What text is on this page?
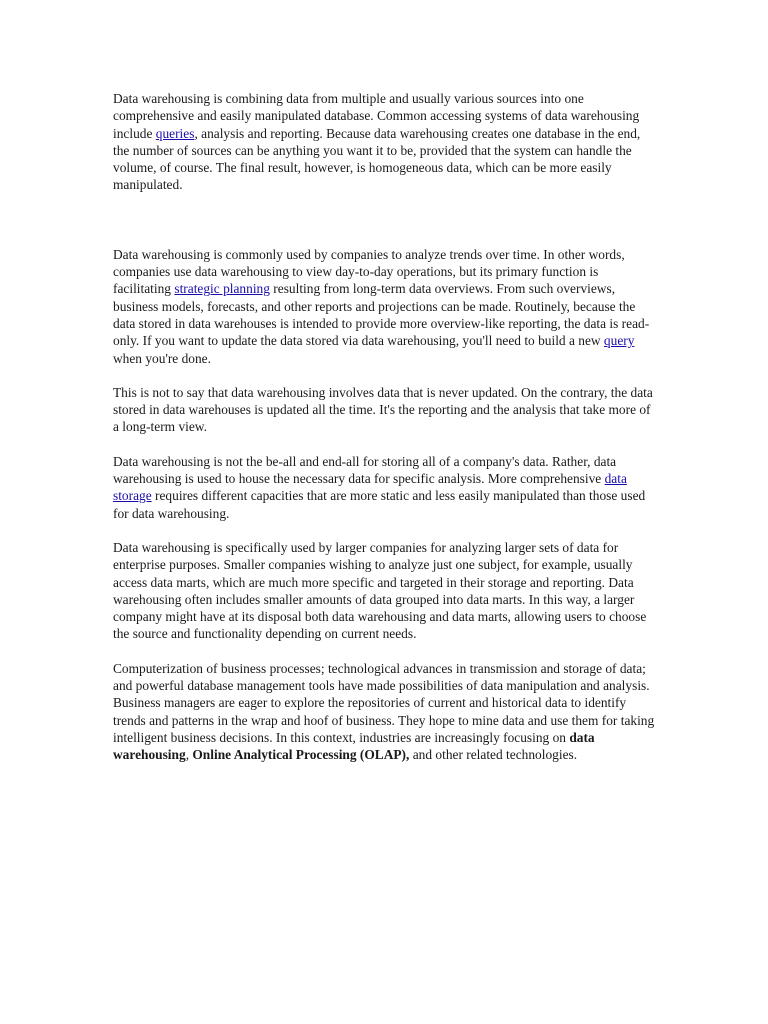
Data warehousing is combining data from multiple and usually various sources into one comprehensive and easily manipulated database. Common accessing systems of data warehousing include queries, analysis and reporting. Because data warehousing creates one database in the end, the number of sources can be anything you want it to be, provided that the system can handle the volume, of course. The final result, however, is homogeneous data, which can be more easily manipulated.

Data warehousing is commonly used by companies to analyze trends over time. In other words, companies use data warehousing to view day-to-day operations, but its primary function is facilitating strategic planning resulting from long-term data overviews. From such overviews, business models, forecasts, and other reports and projections can be made. Routinely, because the data stored in data warehouses is intended to provide more overview-like reporting, the data is read-only. If you want to update the data stored via data warehousing, you'll need to build a new query when you're done.

This is not to say that data warehousing involves data that is never updated. On the contrary, the data stored in data warehouses is updated all the time. It's the reporting and the analysis that take more of a long-term view.

Data warehousing is not the be-all and end-all for storing all of a company's data. Rather, data warehousing is used to house the necessary data for specific analysis. More comprehensive data storage requires different capacities that are more static and less easily manipulated than those used for data warehousing.

Data warehousing is specifically used by larger companies for analyzing larger sets of data for enterprise purposes. Smaller companies wishing to analyze just one subject, for example, usually access data marts, which are much more specific and targeted in their storage and reporting. Data warehousing often includes smaller amounts of data grouped into data marts. In this way, a larger company might have at its disposal both data warehousing and data marts, allowing users to choose the source and functionality depending on current needs.

Computerization of business processes; technological advances in transmission and storage of data; and powerful database management tools have made possibilities of data manipulation and analysis. Business managers are eager to explore the repositories of current and historical data to identify trends and patterns in the wrap and hoof of business. They hope to mine data and use them for taking intelligent business decisions. In this context, industries are increasingly focusing on data warehousing, Online Analytical Processing (OLAP), and other related technologies.
